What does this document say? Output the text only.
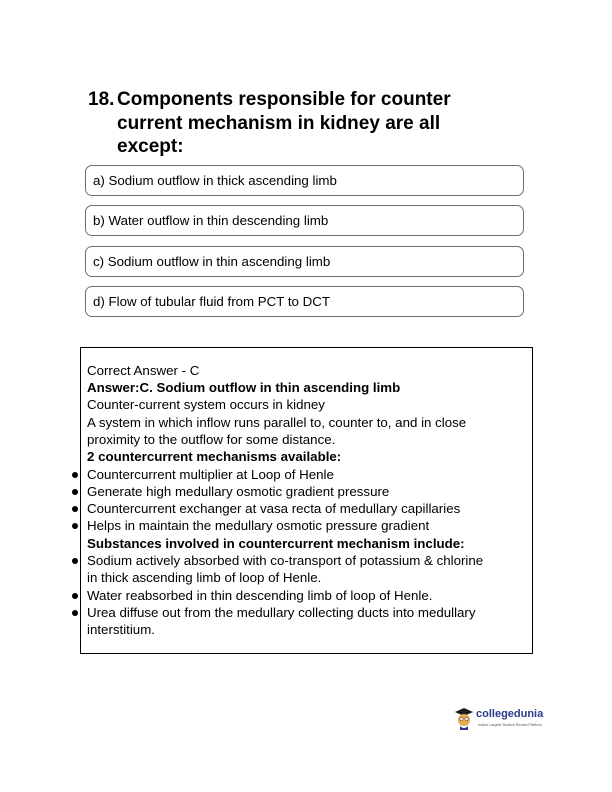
18. Components responsible for counter
current mechanism in kidney are all
except:
a) Sodium outflow in thick ascending limb
b) Water outflow in thin descending limb
c) Sodium outflow in thin ascending limb
d) Flow of tubular fluid from PCT to DCT
Correct Answer - C
Answer:C. Sodium outflow in thin ascending limb
Counter-current system occurs in kidney
A system in which inflow runs parallel to, counter to, and in close
proximity to the outflow for some distance.
2 countercurrent mechanisms available:
Countercurrent multiplier at Loop of Henle
Generate high medullary osmotic gradient pressure
Countercurrent exchanger at vasa recta of medullary capillaries
Helps in maintain the medullary osmotic pressure gradient
Substances involved in countercurrent mechanism include:
Sodium actively absorbed with co-transport of potassium & chlorine
in thick ascending limb of loop of Henle.
Water reabsorbed in thin descending limb of loop of Henle.
Urea diffuse out from the medullary collecting ducts into medullary
interstitium.
collegedunia
India's Largest Student Review Platform
